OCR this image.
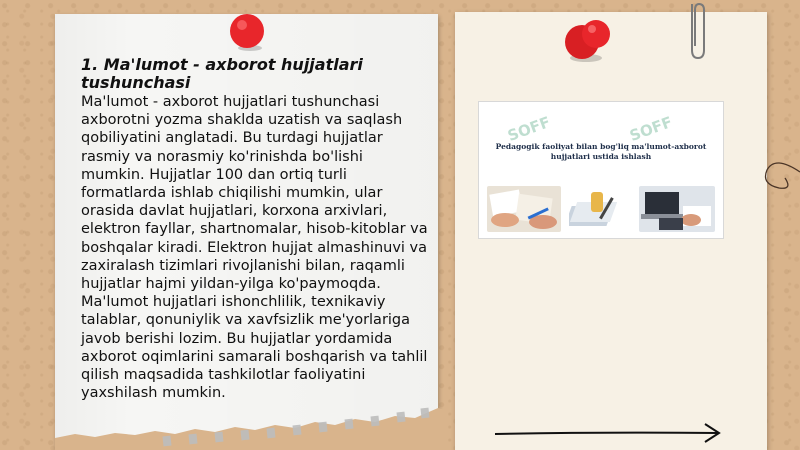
1. Ma'lumot - axborot hujjatlari tushunchasi

Ma'lumot - axborot hujjatlari tushunchasi axborotni yozma shaklda uzatish va saqlash qobiliyatini anglatadi. Bu turdagi hujjatlar rasmiy va norasmiy ko'rinishda bo'lishi mumkin. Hujjatlar 100 dan ortiq turli formatlarda ishlab chiqilishi mumkin, ular orasida davlat hujjatlari, korxona arxivlari, elektron fayllar, shartnomalar, hisob-kitoblar va boshqalar kiradi. Elektron hujjat almashinuvi va zaxiralash tizimlari rivojlanishi bilan, raqamli hujjatlar hajmi yildan-yilga ko'paymoqda. Ma'lumot hujjatlari ishonchlilik, texnikaviy talablar, qonuniylik va xavfsizlik me'yorlariga javob berishi lozim. Bu hujjatlar yordamida axborot oqimlarini samarali boshqarish va tahlil qilish maqsadida tashkilotlar faoliyatini yaxshilash mumkin.

SOFF	SOFF
Pedagogik faoliyat bilan bog'liq ma'lumot-axborot hujjatlari ustida ishlash
